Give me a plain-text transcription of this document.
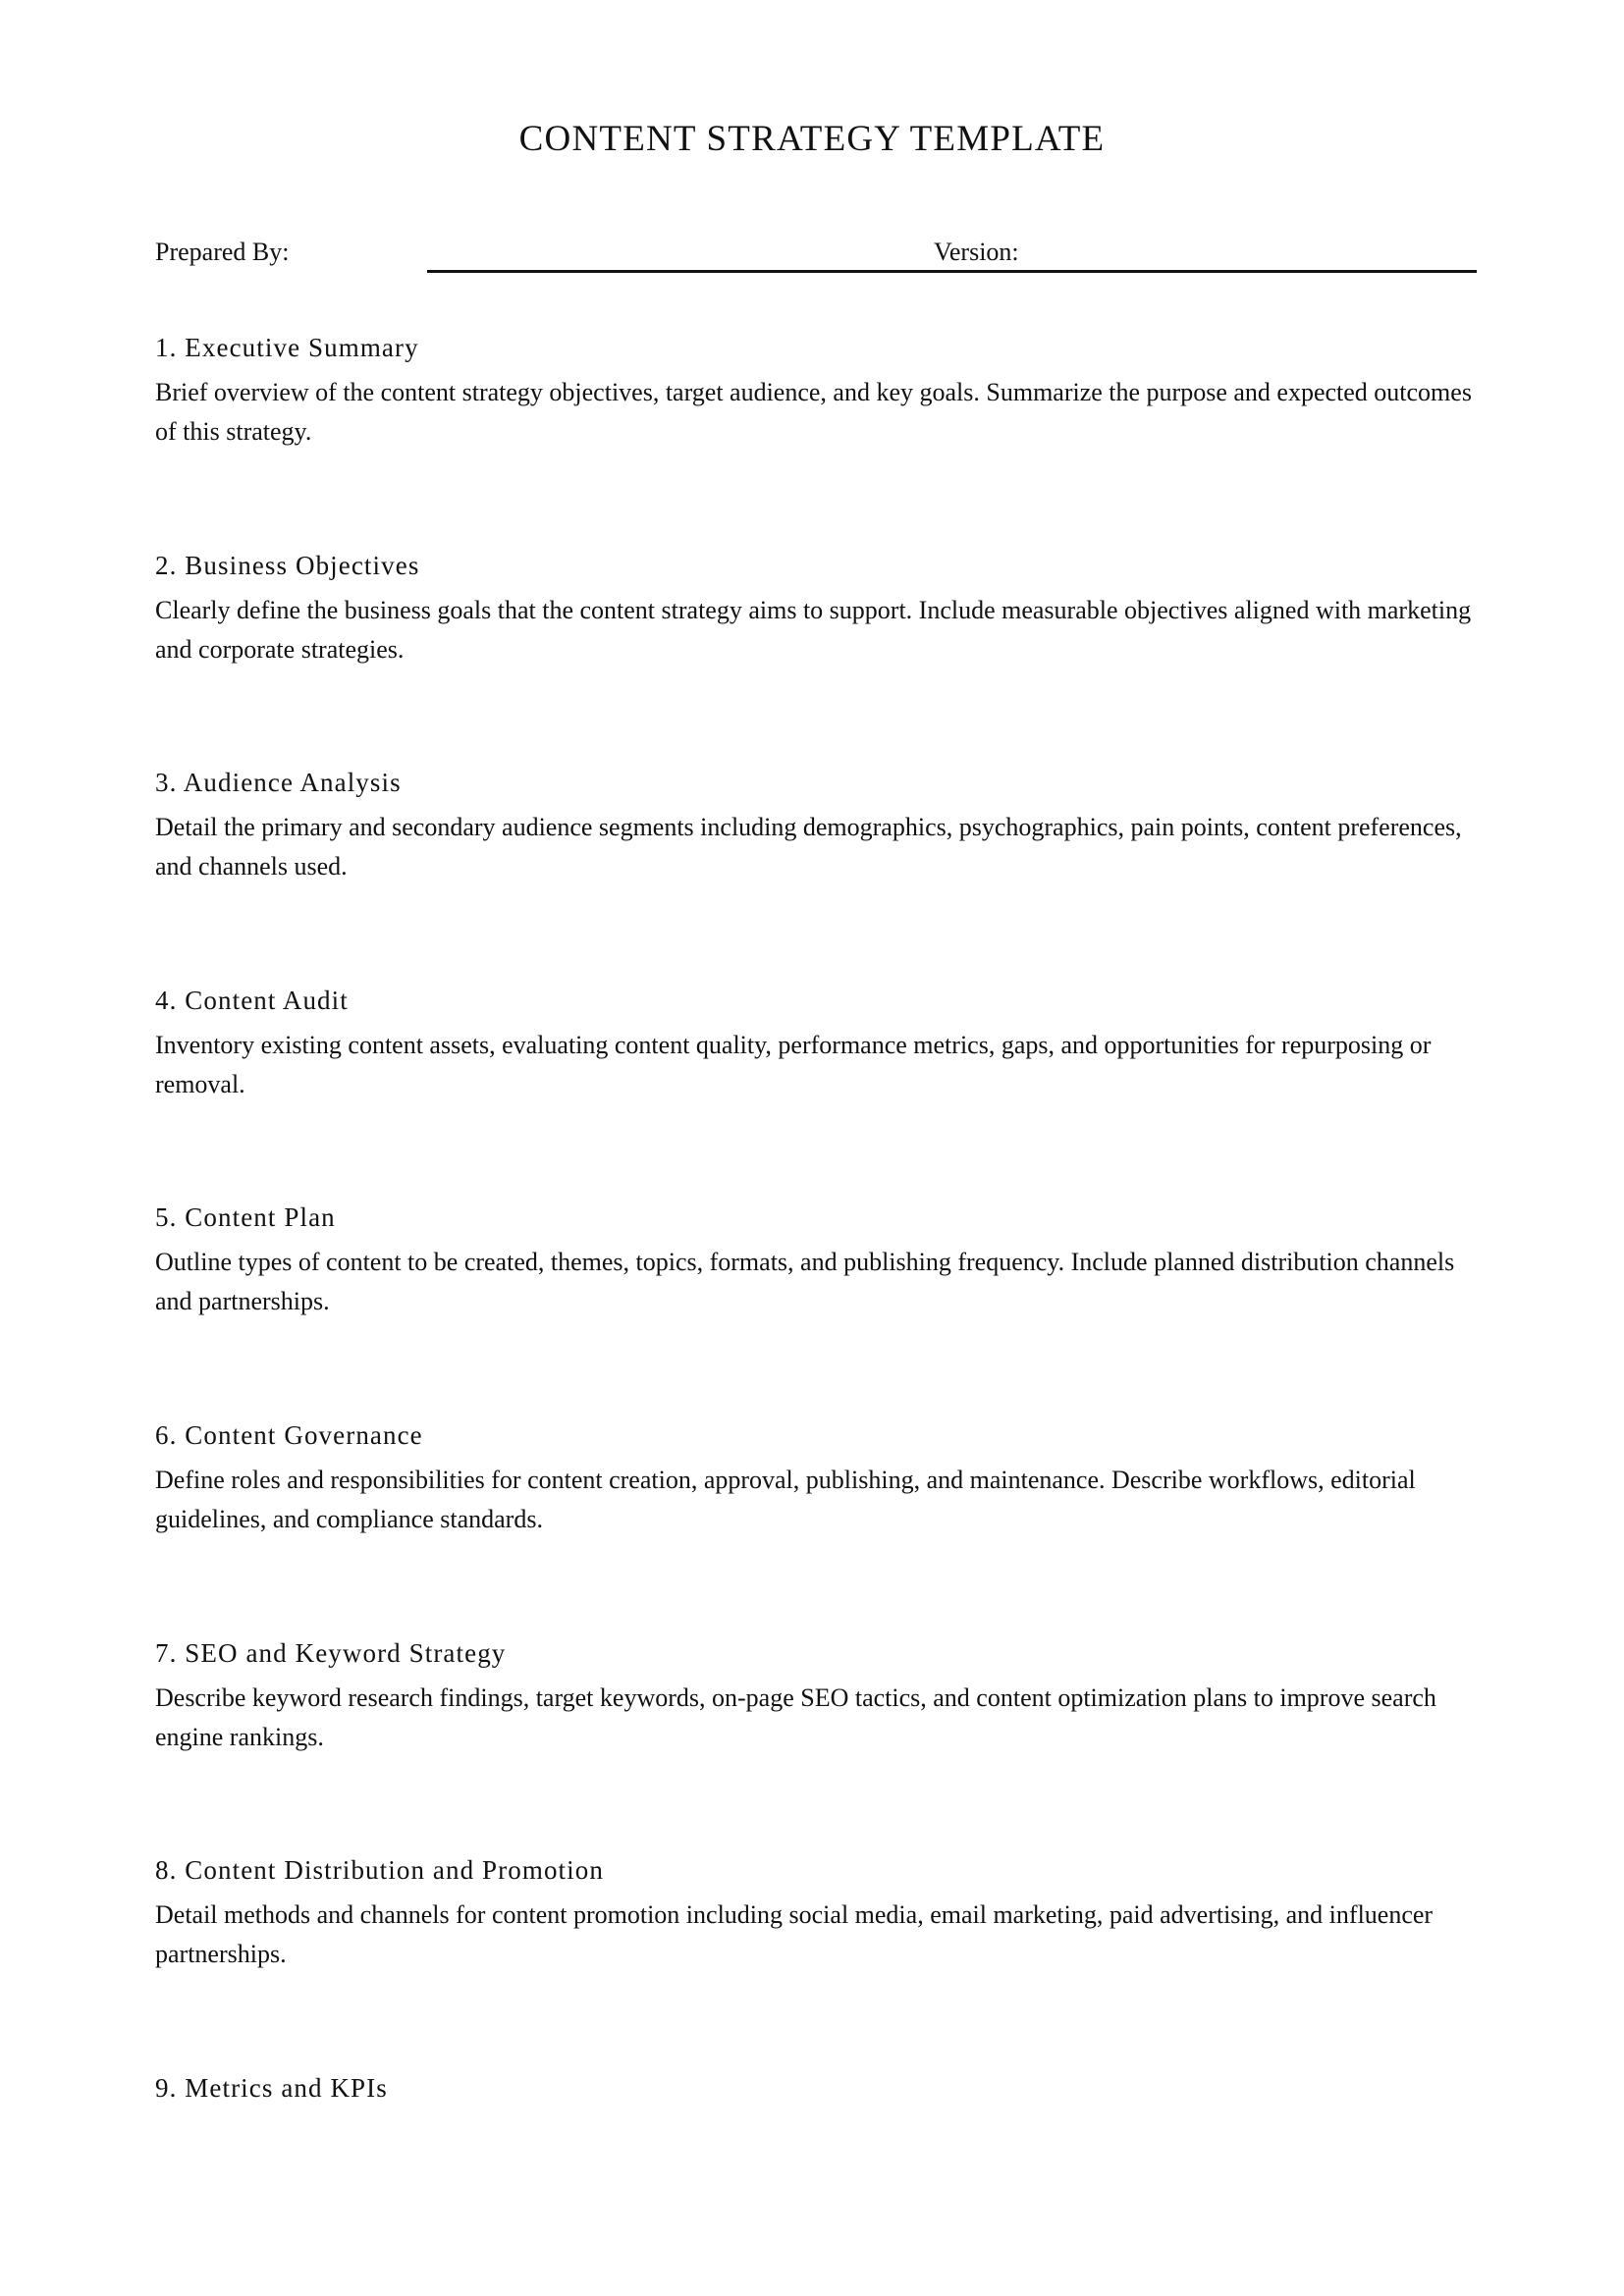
CONTENT STRATEGY TEMPLATE
Prepared By:	Version:
1. Executive Summary

Brief overview of the content strategy objectives, target audience, and key goals. Summarize the purpose and expected outcomes of this strategy.

2. Business Objectives

Clearly define the business goals that the content strategy aims to support. Include measurable objectives aligned with marketing and corporate strategies.

3. Audience Analysis

Detail the primary and secondary audience segments including demographics, psychographics, pain points, content preferences, and channels used.

4. Content Audit

Inventory existing content assets, evaluating content quality, performance metrics, gaps, and opportunities for repurposing or removal.

5. Content Plan

Outline types of content to be created, themes, topics, formats, and publishing frequency. Include planned distribution channels and partnerships.

6. Content Governance

Define roles and responsibilities for content creation, approval, publishing, and maintenance. Describe workflows, editorial guidelines, and compliance standards.

7. SEO and Keyword Strategy

Describe keyword research findings, target keywords, on-page SEO tactics, and content optimization plans to improve search engine rankings.

8. Content Distribution and Promotion

Detail methods and channels for content promotion including social media, email marketing, paid advertising, and influencer partnerships.

9. Metrics and KPIs
